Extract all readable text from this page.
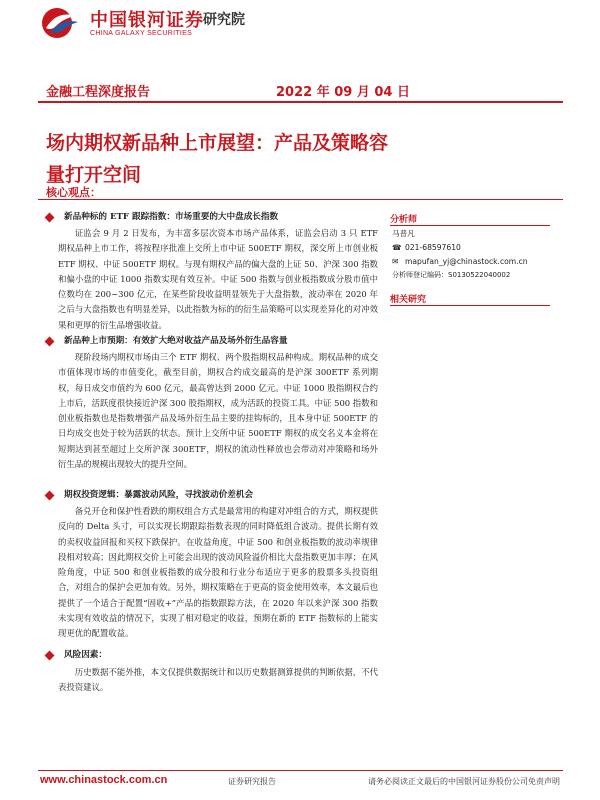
中国银河证券
CHINA GALAXY SECURITIES
研究院
金融工程深度报告	2022 年 09 月 04 日
场内期权新品种上市展望：产品及策略容量打开空间
核心观点：
新品种标的 ETF 跟踪指数：市场重要的大中盘成长指数

证监会 9 月 2 日发布，为丰富多层次资本市场产品体系，证监会启动 3 只 ETF 期权品种上市工作，将按程序批准上交所上市中证 500ETF 期权，深交所上市创业板 ETF 期权、中证 500ETF 期权。与现有期权产品的偏大盘的上证 50、沪深 300 指数和偏小盘的中证 1000 指数实现有效互补。中证 500 指数与创业板指数成分股市值中位数均在 200~300 亿元，在某些阶段收益明显领先于大盘指数，波动率在 2020 年之后与大盘指数也有明显差异，以此指数为标的的衍生品策略可以实现差异化的对冲效果和更厚的衍生品增强收益。

新品种上市预期：有效扩大绝对收益产品及场外衍生品容量

现阶段场内期权市场由三个 ETF 期权、两个股指期权品种构成。期权品种的成交市值体现市场的市值变化，截至目前，期权合约成交最高的是沪深 300ETF 系列期权，每日成交市值约为 600 亿元，最高曾达到 2000 亿元。中证 1000 股指期权合约上市后，活跃度很快接近沪深 300 股指期权，成为活跃的投资工具。中证 500 指数和创业板指数也是指数增强产品及场外衍生品主要的挂钩标的，且本身中证 500ETF 的日均成交也处于较为活跃的状态。预计上交所中证 500ETF 期权的成交名义本金将在短期达到甚至超过上交所沪深 300ETF，期权的流动性释放也会带动对冲策略和场外衍生品的规模出现较大的提升空间。

期权投资逻辑：暴露波动风险，寻找波动价差机会

备兑开仓和保护性看跌的期权组合方式是最常用的构建对冲组合的方式，期权提供反向的 Delta 头寸，可以实现长期跟踪指数表现的同时降低组合波动。提供长期有效的卖权收益回报和买权下跌保护。在收益角度，中证 500 和创业板指数的波动率规律段相对较高；因此期权交价上可能会出现的波动风险溢价相比大盘指数更加丰厚；在风险角度，中证 500 和创业板指数的成分股和行业分布适应于更多的股票多头投资组合，对组合的保护会更加有效。另外，期权策略在于更高的资金使用效率，本文最后也提供了一个适合于配置“固收+”产品的指数跟踪方法，在 2020 年以来沪深 300 指数未实现有效收益的情况下，实现了相对稳定的收益，预期在新的 ETF 指数标的上能实现更优的配置收益。

风险因素：

历史数据不能外推，本文仅提供数据统计和以历史数据测算提供的判断依据，不代表投资建议。

分析师
马普凡
☎ 021-68597610
✉ mapufan_yj@chinastock.com.cn
分析师登记编码：S0130522040002
相关研究
www.chinastock.com.cn	证券研究报告	请务必阅读正文最后的中国银河证券股份公司免责声明
